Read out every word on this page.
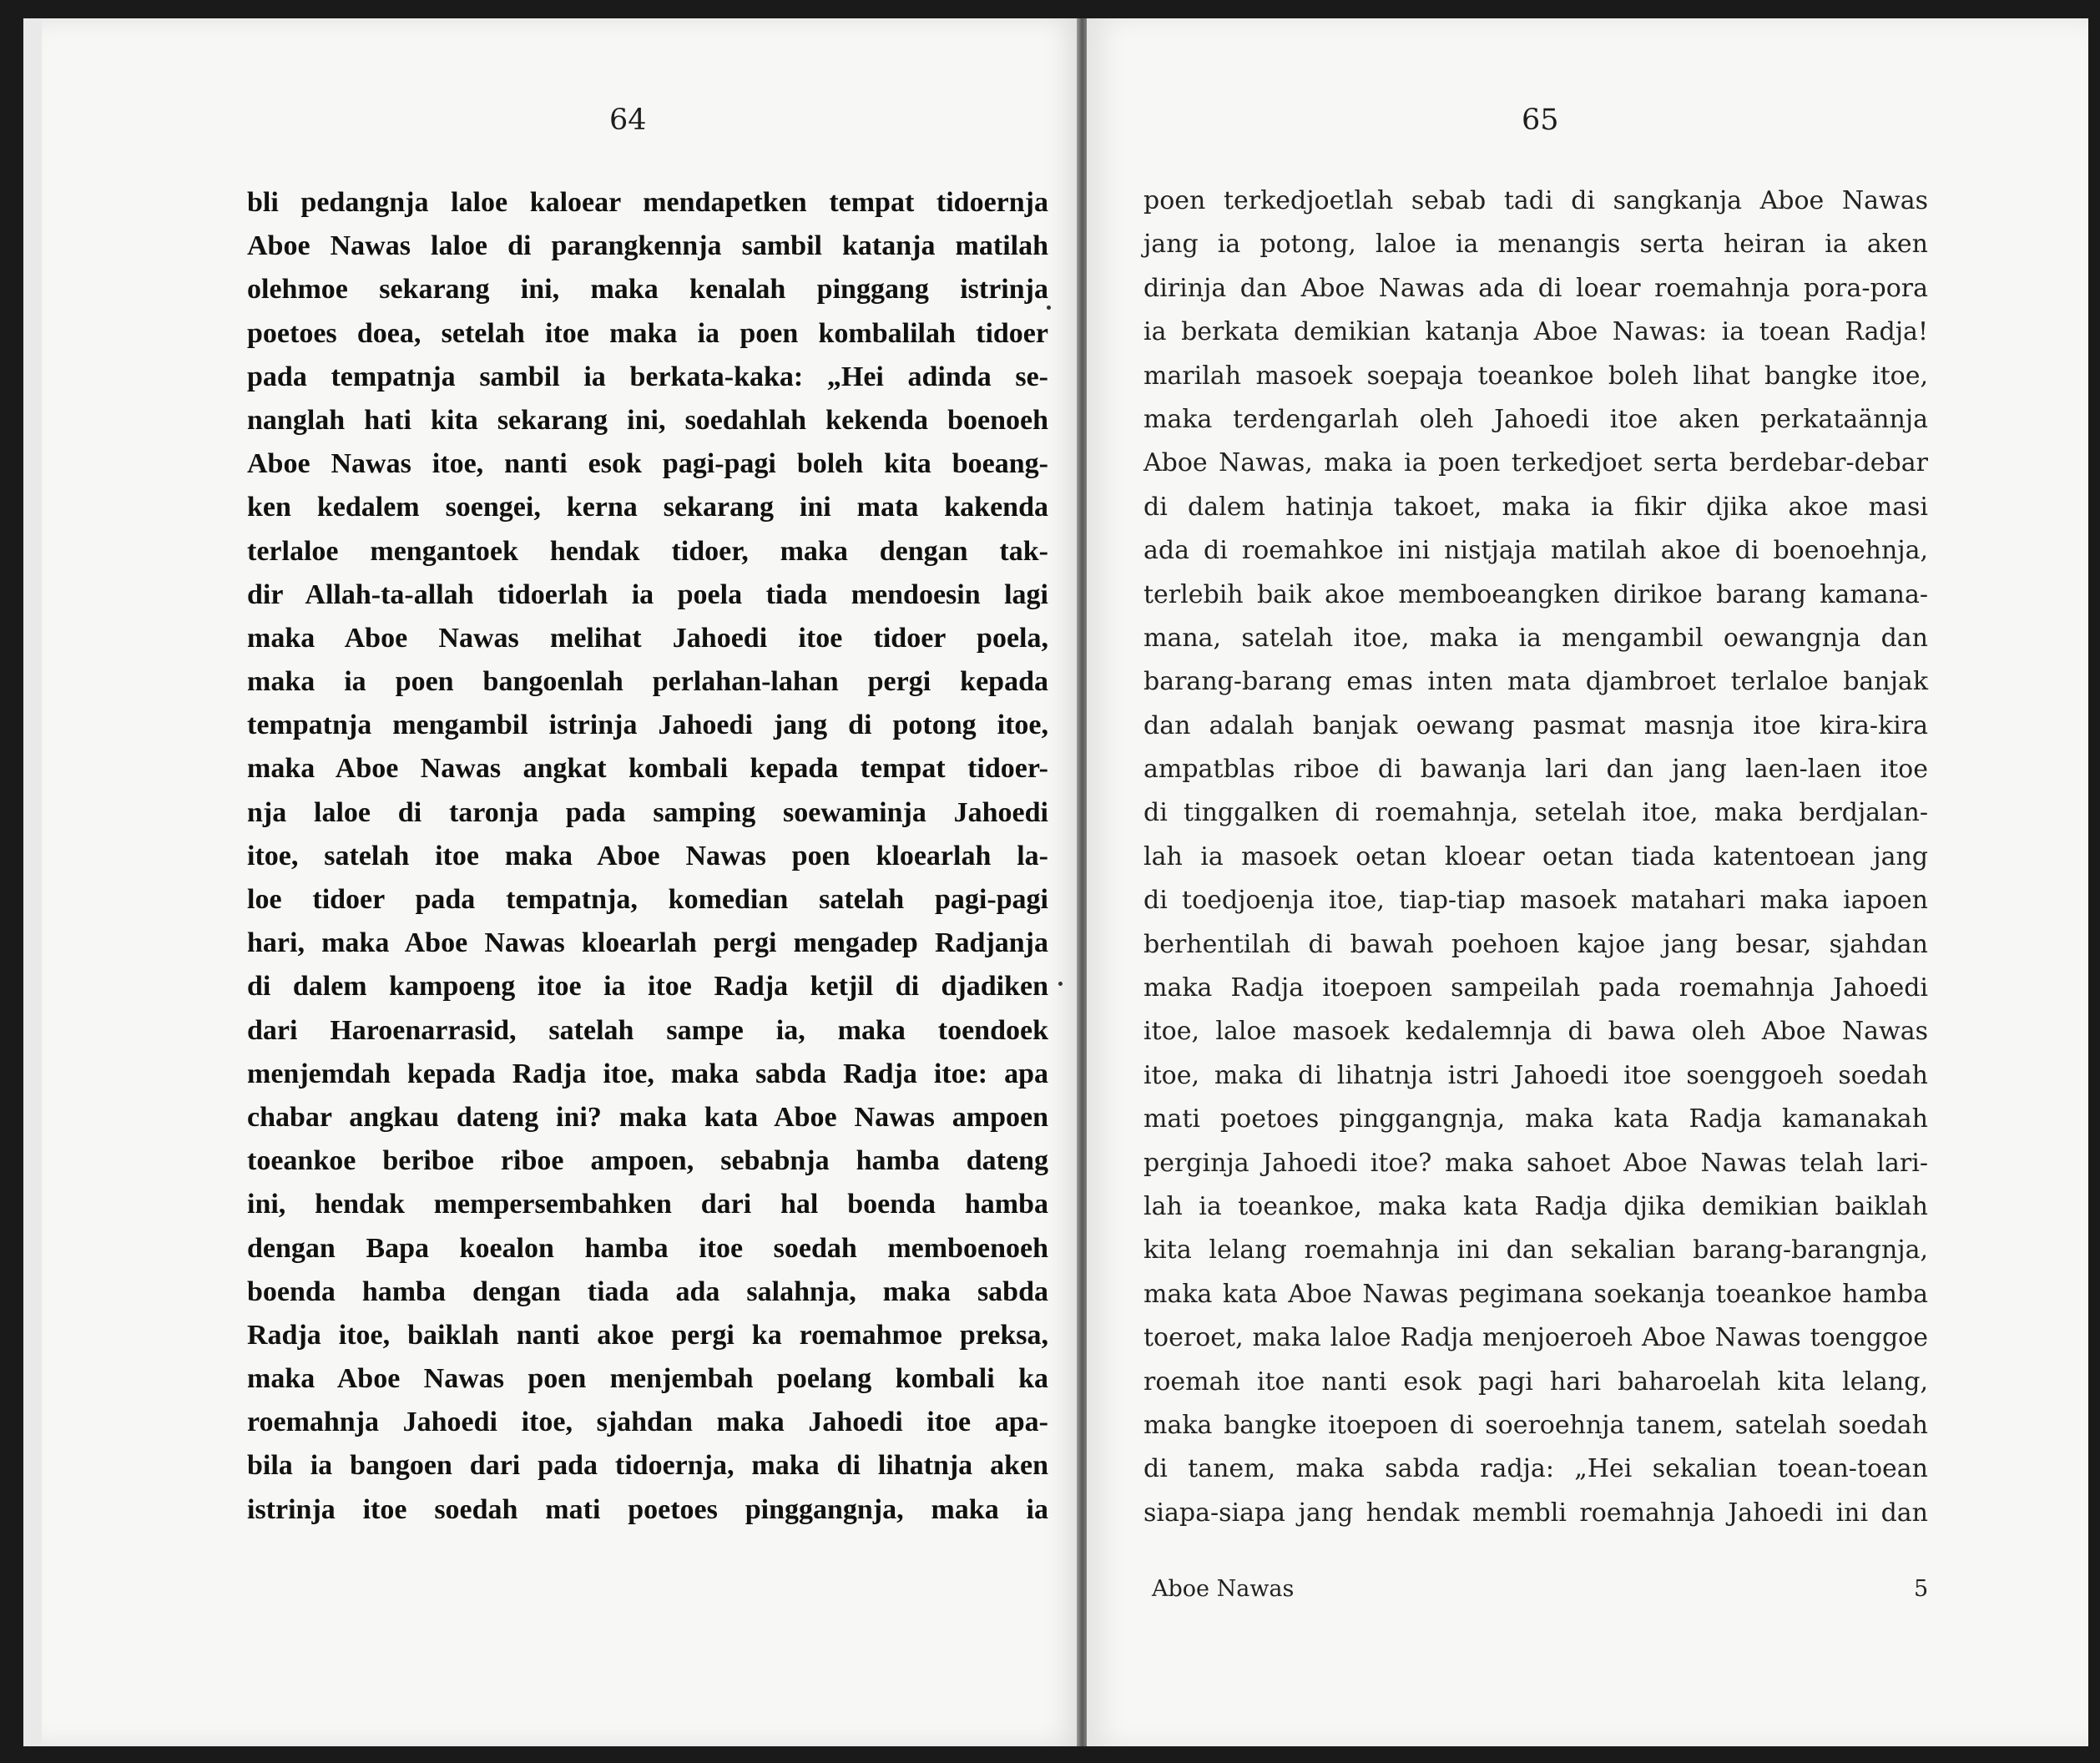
64
bli pedangnja laloe kaloear mendapetken tempat tidoernja
Aboe Nawas laloe di parangkennja sambil katanja matilah
olehmoe sekarang ini, maka kenalah pinggang istrinja
poetoes doea, setelah itoe maka ia poen kombalilah tidoer
pada tempatnja sambil ia berkata-kaka: „Hei adinda se-
nanglah hati kita sekarang ini, soedahlah kekenda boenoeh
Aboe Nawas itoe, nanti esok pagi-pagi boleh kita boeang-
ken kedalem soengei, kerna sekarang ini mata kakenda
terlaloe mengantoek hendak tidoer, maka dengan tak-
dir Allah-ta-allah tidoerlah ia poela tiada mendoesin lagi
maka Aboe Nawas melihat Jahoedi itoe tidoer poela,
maka ia poen bangoenlah perlahan-lahan pergi kepada
tempatnja mengambil istrinja Jahoedi jang di potong itoe,
maka Aboe Nawas angkat kombali kepada tempat tidoer-
nja laloe di taronja pada samping soewaminja Jahoedi
itoe, satelah itoe maka Aboe Nawas poen kloearlah la-
loe tidoer pada tempatnja, komedian satelah pagi-pagi
hari, maka Aboe Nawas kloearlah pergi mengadep Radjanja
di dalem kampoeng itoe ia itoe Radja ketjil di djadiken
dari Haroenarrasid, satelah sampe ia, maka toendoek
menjemdah kepada Radja itoe, maka sabda Radja itoe: apa
chabar angkau dateng ini? maka kata Aboe Nawas ampoen
toeankoe beriboe riboe ampoen, sebabnja hamba dateng
ini, hendak mempersembahken dari hal boenda hamba
dengan Bapa koealon hamba itoe soedah memboenoeh
boenda hamba dengan tiada ada salahnja, maka sabda
Radja itoe, baiklah nanti akoe pergi ka roemahmoe preksa,
maka Aboe Nawas poen menjembah poelang kombali ka
roemahnja Jahoedi itoe, sjahdan maka Jahoedi itoe apa-
bila ia bangoen dari pada tidoernja, maka di lihatnja aken
istrinja itoe soedah mati poetoes pinggangnja, maka ia
65
poen terkedjoetlah sebab tadi di sangkanja Aboe Nawas
jang ia potong, laloe ia menangis serta heiran ia aken
dirinja dan Aboe Nawas ada di loear roemahnja pora-pora
ia berkata demikian katanja Aboe Nawas: ia toean Radja!
marilah masoek soepaja toeankoe boleh lihat bangke itoe,
maka terdengarlah oleh Jahoedi itoe aken perkataännja
Aboe Nawas, maka ia poen terkedjoet serta berdebar-debar
di dalem hatinja takoet, maka ia fikir djika akoe masi
ada di roemahkoe ini nistjaja matilah akoe di boenoehnja,
terlebih baik akoe memboeangken dirikoe barang kamana-
mana, satelah itoe, maka ia mengambil oewangnja dan
barang-barang emas inten mata djambroet terlaloe banjak
dan adalah banjak oewang pasmat masnja itoe kira-kira
ampatblas riboe di bawanja lari dan jang laen-laen itoe
di tinggalken di roemahnja, setelah itoe, maka berdjalan-
lah ia masoek oetan kloear oetan tiada katentoean jang
di toedjoenja itoe, tiap-tiap masoek matahari maka iapoen
berhentilah di bawah poehoen kajoe jang besar, sjahdan
maka Radja itoepoen sampeilah pada roemahnja Jahoedi
itoe, laloe masoek kedalemnja di bawa oleh Aboe Nawas
itoe, maka di lihatnja istri Jahoedi itoe soenggoeh soedah
mati poetoes pinggangnja, maka kata Radja kamanakah
perginja Jahoedi itoe? maka sahoet Aboe Nawas telah lari-
lah ia toeankoe, maka kata Radja djika demikian baiklah
kita lelang roemahnja ini dan sekalian barang-barangnja,
maka kata Aboe Nawas pegimana soekanja toeankoe hamba
toeroet, maka laloe Radja menjoeroeh Aboe Nawas toenggoe
roemah itoe nanti esok pagi hari baharoelah kita lelang,
maka bangke itoepoen di soeroehnja tanem, satelah soedah
di tanem, maka sabda radja: „Hei sekalian toean-toean
siapa-siapa jang hendak membli roemahnja Jahoedi ini dan
Aboe Nawas	5
